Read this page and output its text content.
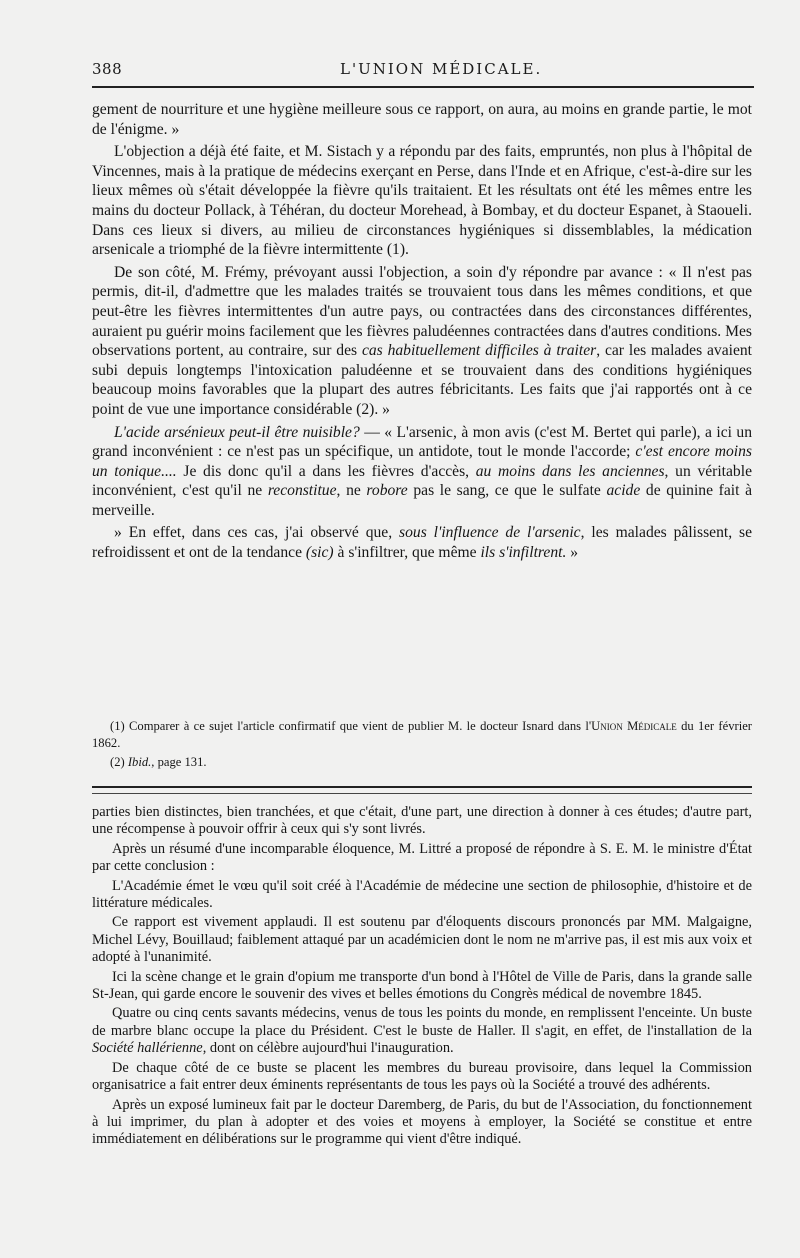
388	L'UNION MÉDICALE.

gement de nourriture et une hygiène meilleure sous ce rapport, on aura, au moins en grande partie, le mot de l'énigme. »

L'objection a déjà été faite, et M. Sistach y a répondu par des faits, empruntés, non plus à l'hôpital de Vincennes, mais à la pratique de médecins exerçant en Perse, dans l'Inde et en Afrique, c'est-à-dire sur les lieux mêmes où s'était développée la fièvre qu'ils traitaient. Et les résultats ont été les mêmes entre les mains du docteur Pollack, à Téhéran, du docteur Morehead, à Bombay, et du docteur Espanet, à Staoueli. Dans ces lieux si divers, au milieu de circonstances hygiéniques si dissemblables, la médication arsenicale a triomphé de la fièvre intermittente (1).

De son côté, M. Frémy, prévoyant aussi l'objection, a soin d'y répondre par avance : « Il n'est pas permis, dit-il, d'admettre que les malades traités se trouvaient tous dans les mêmes conditions, et que peut-être les fièvres intermittentes d'un autre pays, ou contractées dans des circonstances différentes, auraient pu guérir moins facilement que les fièvres paludéennes contractées dans d'autres conditions. Mes observations portent, au contraire, sur des cas habituellement difficiles à traiter, car les malades avaient subi depuis longtemps l'intoxication paludéenne et se trouvaient dans des conditions hygiéniques beaucoup moins favorables que la plupart des autres fébricitants. Les faits que j'ai rapportés ont à ce point de vue une importance considérable (2). »

L'acide arsénieux peut-il être nuisible? — « L'arsenic, à mon avis (c'est M. Bertet qui parle), a ici un grand inconvénient : ce n'est pas un spécifique, un antidote, tout le monde l'accorde; c'est encore moins un tonique.... Je dis donc qu'il a dans les fièvres d'accès, au moins dans les anciennes, un véritable inconvénient, c'est qu'il ne reconstitue, ne robore pas le sang, ce que le sulfate acide de quinine fait à merveille.

» En effet, dans ces cas, j'ai observé que, sous l'influence de l'arsenic, les malades pâlissent, se refroidissent et ont de la tendance (sic) à s'infiltrer, que même ils s'infiltrent. »

(1) Comparer à ce sujet l'article confirmatif que vient de publier M. le docteur Isnard dans l'Union Médicale du 1er février 1862.

(2) Ibid., page 131.

parties bien distinctes, bien tranchées, et que c'était, d'une part, une direction à donner à ces études; d'autre part, une récompense à pouvoir offrir à ceux qui s'y sont livrés.

Après un résumé d'une incomparable éloquence, M. Littré a proposé de répondre à S. E. M. le ministre d'État par cette conclusion :

L'Académie émet le vœu qu'il soit créé à l'Académie de médecine une section de philosophie, d'histoire et de littérature médicales.

Ce rapport est vivement applaudi. Il est soutenu par d'éloquents discours prononcés par MM. Malgaigne, Michel Lévy, Bouillaud; faiblement attaqué par un académicien dont le nom ne m'arrive pas, il est mis aux voix et adopté à l'unanimité.

Ici la scène change et le grain d'opium me transporte d'un bond à l'Hôtel de Ville de Paris, dans la grande salle St-Jean, qui garde encore le souvenir des vives et belles émotions du Congrès médical de novembre 1845.

Quatre ou cinq cents savants médecins, venus de tous les points du monde, en remplissent l'enceinte. Un buste de marbre blanc occupe la place du Président. C'est le buste de Haller. Il s'agit, en effet, de l'installation de la Société hallérienne, dont on célèbre aujourd'hui l'inauguration.

De chaque côté de ce buste se placent les membres du bureau provisoire, dans lequel la Commission organisatrice a fait entrer deux éminents représentants de tous les pays où la Société a trouvé des adhérents.

Après un exposé lumineux fait par le docteur Daremberg, de Paris, du but de l'Association, du fonctionnement à lui imprimer, du plan à adopter et des voies et moyens à employer, la Société se constitue et entre immédiatement en délibérations sur le programme qui vient d'être indiqué.
